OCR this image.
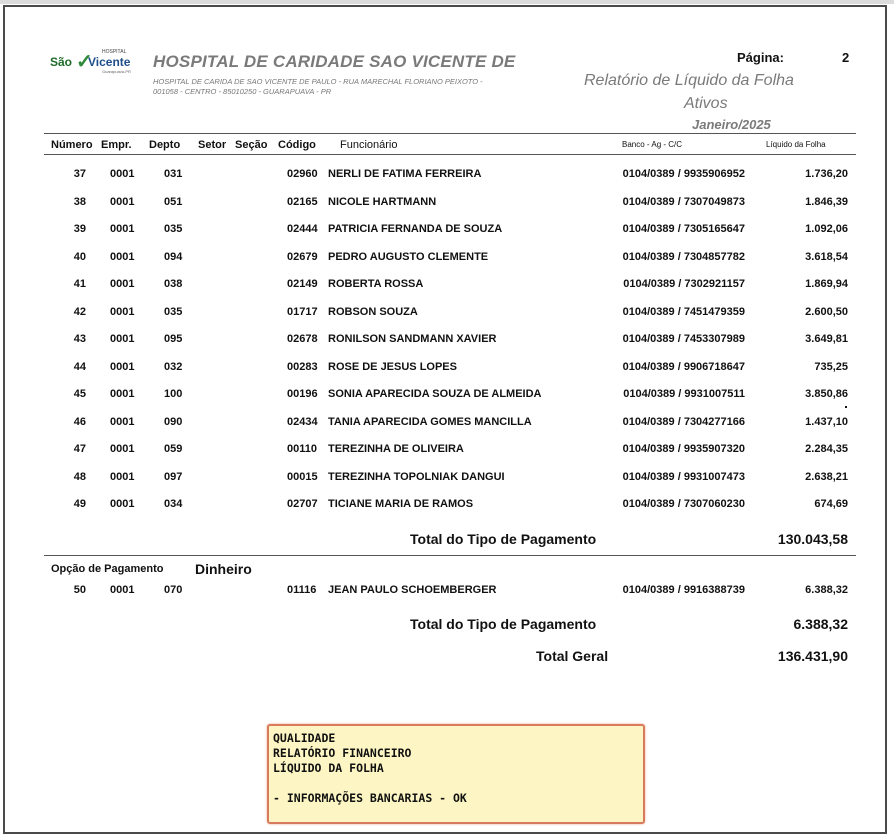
São ✓ HOSPITAL
Vicente
Guarapuava-PR
HOSPITAL DE CARIDADE SAO VICENTE DE
HOSPITAL DE CARIDA DE SAO VICENTE DE PAULO - RUA MARECHAL FLORIANO PEIXOTO -
001058 - CENTRO - 85010250 - GUARAPUAVA - PR
Página:	2
Relatório de Líquido da Folha
Ativos
Janeiro/2025
Número Empr. Depto Setor Seção Código Funcionário	Banco - Ag - C/C	Líquido da Folha
37 0001	031	02960 NERLI DE FATIMA FERREIRA	0104/0389 / 9935906952	1.736,20
38 0001	051	02165 NICOLE HARTMANN	0104/0389 / 7307049873	1.846,39
39 0001	035	02444 PATRICIA FERNANDA DE SOUZA	0104/0389 / 7305165647	1.092,06
40 0001	094	02679 PEDRO AUGUSTO CLEMENTE	0104/0389 / 7304857782	3.618,54
41 0001	038	02149 ROBERTA ROSSA	0104/0389 / 7302921157	1.869,94
42 0001	035	01717 ROBSON SOUZA	0104/0389 / 7451479359	2.600,50
43 0001	095	02678 RONILSON SANDMANN XAVIER	0104/0389 / 7453307989	3.649,81
44 0001	032	00283 ROSE DE JESUS LOPES	0104/0389 / 9906718647	735,25
45 0001	100	00196 SONIA APARECIDA SOUZA DE ALMEIDA	0104/0389 / 9931007511	3.850,86
46 0001	090	02434 TANIA APARECIDA GOMES MANCILLA	0104/0389 / 7304277166	1.437,10
47 0001	059	00110 TEREZINHA DE OLIVEIRA	0104/0389 / 9935907320	2.284,35
48 0001	097	00015 TEREZINHA TOPOLNIAK DANGUI	0104/0389 / 9931007473	2.638,21
49 0001	034	02707 TICIANE MARIA DE RAMOS	0104/0389 / 7307060230	674,69
Total do Tipo de Pagamento	130.043,58
Opção de Pagamento Dinheiro
50 0001	070	01116 JEAN PAULO SCHOEMBERGER	0104/0389 / 9916388739	6.388,32
Total do Tipo de Pagamento	6.388,32
Total Geral	136.431,90
QUALIDADE
RELATÓRIO FINANCEIRO
LÍQUIDO DA FOLHA
- INFORMAÇÕES BANCARIAS - OK
